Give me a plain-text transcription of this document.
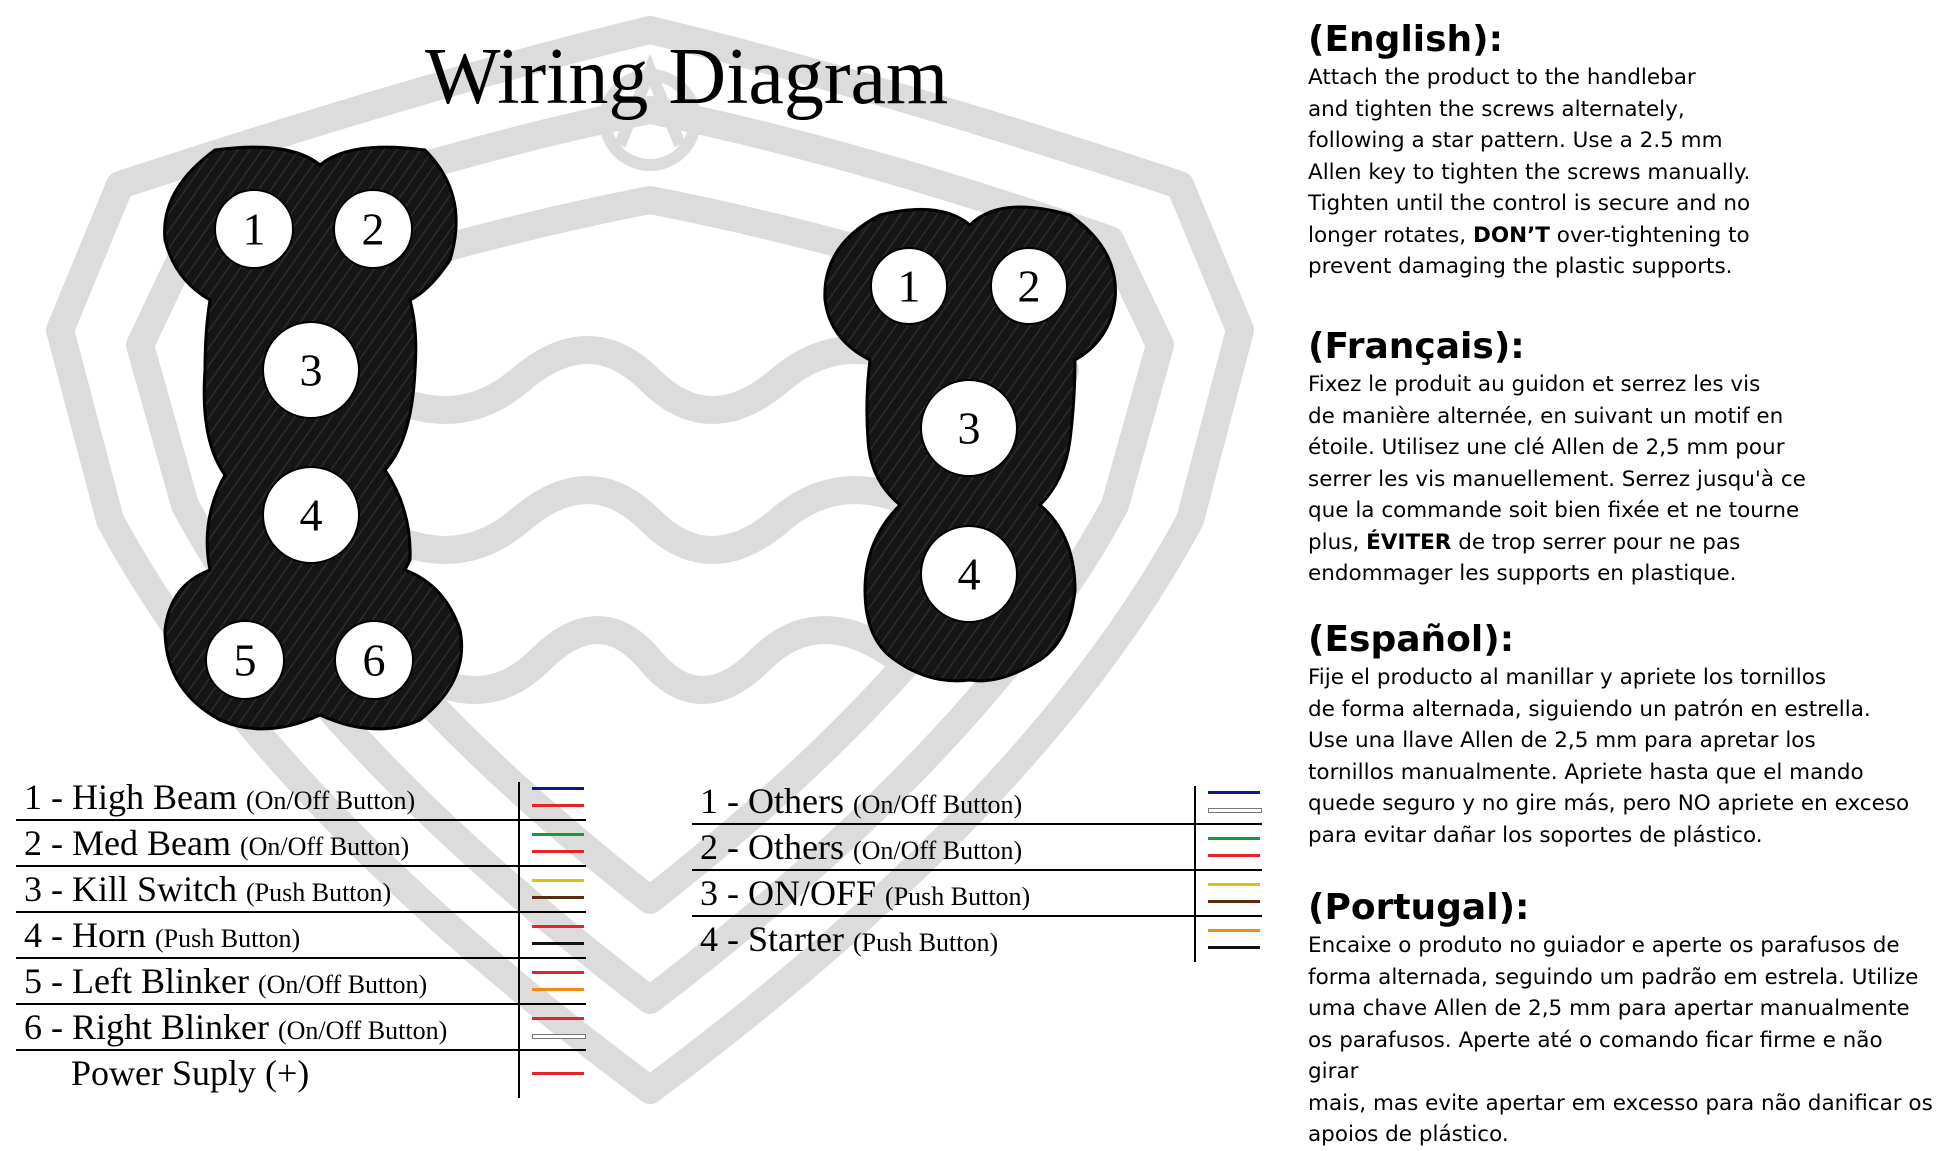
Wiring Diagram
1 2
3
4
5 6
1 2
3
4
1 - High Beam (On/Off Button)
2 - Med Beam (On/Off Button)
3 - Kill Switch (Push Button)
4 - Horn (Push Button)
5 - Left Blinker (On/Off Button)
6 - Right Blinker (On/Off Button)
Power Suply (+)
1 - Others (On/Off Button)
2 - Others (On/Off Button)
3 - ON/OFF (Push Button)
4 - Starter (Push Button)
(English):

Attach the product to the handlebar
and tighten the screws alternately,
following a star pattern. Use a 2.5 mm
Allen key to tighten the screws manually.
Tighten until the control is secure and no
longer rotates, DON’T over-tightening to
prevent damaging the plastic supports.

(Français):

Fixez le produit au guidon et serrez les vis
de manière alternée, en suivant un motif en
étoile. Utilisez une clé Allen de 2,5 mm pour
serrer les vis manuellement. Serrez jusqu'à ce
que la commande soit bien fixée et ne tourne
plus, ÉVITER de trop serrer pour ne pas
endommager les supports en plastique.

(Español):

Fije el producto al manillar y apriete los tornillos
de forma alternada, siguiendo un patrón en estrella.
Use una llave Allen de 2,5 mm para apretar los
tornillos manualmente. Apriete hasta que el mando
quede seguro y no gire más, pero NO apriete en exceso
para evitar dañar los soportes de plástico.

(Portugal):

Encaixe o produto no guiador e aperte os parafusos de
forma alternada, seguindo um padrão em estrela. Utilize
uma chave Allen de 2,5 mm para apertar manualmente
os parafusos. Aperte até o comando ficar firme e não girar
mais, mas evite apertar em excesso para não danificar os
apoios de plástico.
